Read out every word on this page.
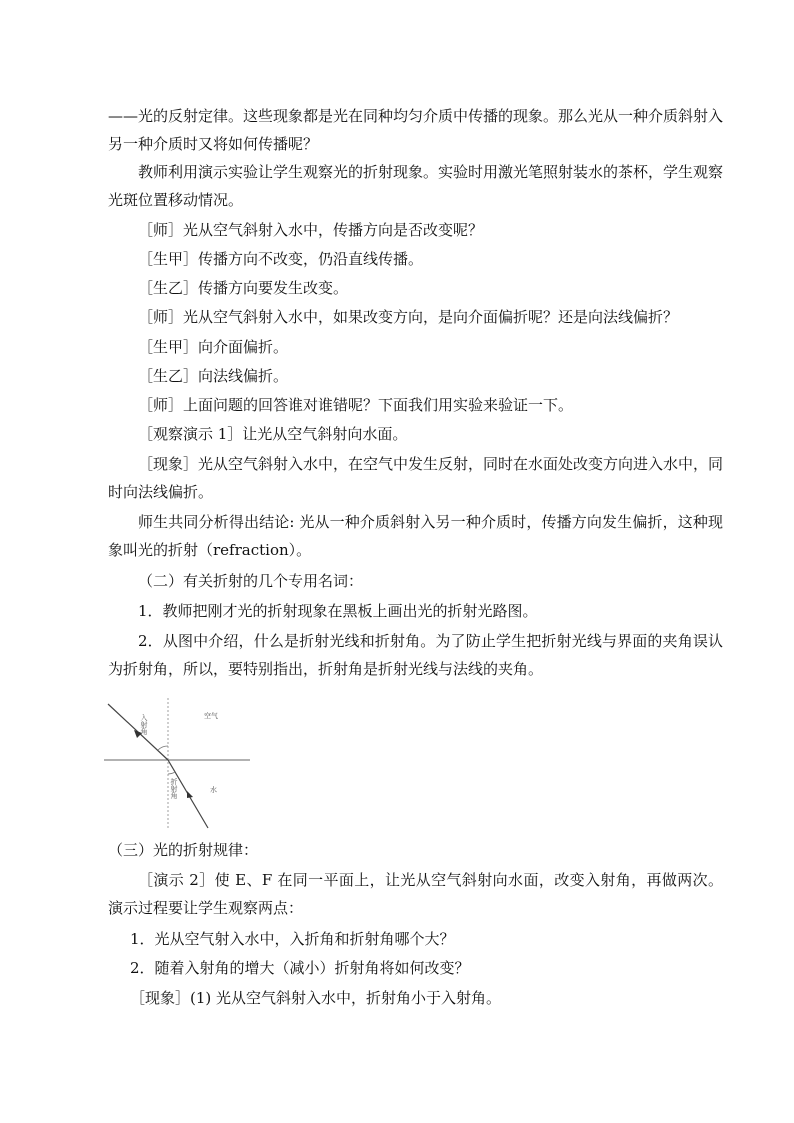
——光的反射定律。这些现象都是光在同种均匀介质中传播的现象。那么光从一种介质斜射入另一种介质时又将如何传播呢？

教师利用演示实验让学生观察光的折射现象。实验时用激光笔照射装水的茶杯，学生观察光斑位置移动情况。

［师］光从空气斜射入水中，传播方向是否改变呢？

［生甲］传播方向不改变，仍沿直线传播。

［生乙］传播方向要发生改变。

［师］光从空气斜射入水中，如果改变方向，是向介面偏折呢？还是向法线偏折？

［生甲］向介面偏折。

［生乙］向法线偏折。

［师］上面问题的回答谁对谁错呢？下面我们用实验来验证一下。

［观察演示 1］让光从空气斜射向水面。

［现象］光从空气斜射入水中，在空气中发生反射，同时在水面处改变方向进入水中，同时向法线偏折。

师生共同分析得出结论: 光从一种介质斜射入另一种介质时，传播方向发生偏折，这种现象叫光的折射（refraction）。

（二）有关折射的几个专用名词：

1．教师把刚才光的折射现象在黑板上画出光的折射光路图。

2．从图中介绍，什么是折射光线和折射角。为了防止学生把折射光线与界面的夹角误认为折射角，所以，要特别指出，折射角是折射光线与法线的夹角。

空气
水
入射角
折射角

（三）光的折射规律：

［演示 2］使 E、F 在同一平面上，让光从空气斜射向水面，改变入射角，再做两次。演示过程要让学生观察两点：

1．光从空气射入水中，入折角和折射角哪个大？

2．随着入射角的增大（减小）折射角将如何改变？

［现象］(1) 光从空气斜射入水中，折射角小于入射角。
